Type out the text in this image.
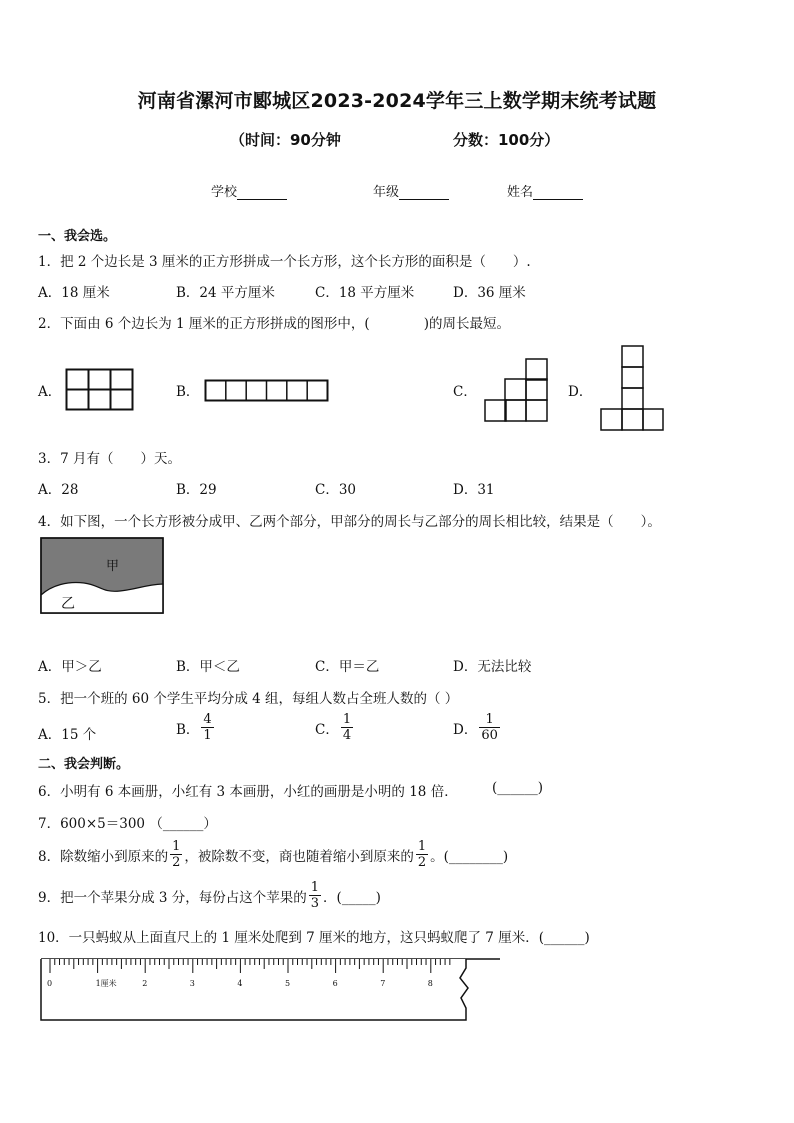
河南省漯河市郾城区2023-2024学年三上数学期末统考试题
（时间：90分钟	分数：100分）
学校	年级	姓名
一、我会选。
1．把 2 个边长是 3 厘米的正方形拼成一个长方形，这个长方形的面积是（　　）.
A．18 厘米	B．24 平方厘米	C．18 平方厘米	D．36 厘米
2．下面由 6 个边长为 1 厘米的正方形拼成的图形中，(　　　　)的周长最短。
A．	B．	C．	D．
3．7 月有（　　）天。
A．28	B．29	C．30	D．31
4．如下图，一个长方形被分成甲、乙两个部分，甲部分的周长与乙部分的周长相比较，结果是（　　）。
甲
乙
A．甲＞乙	B．甲＜乙	C．甲＝乙	D．无法比较
5．把一个班的 60 个学生平均分成 4 组，每组人数占全班人数的（ ）
A．15 个	B． $\frac{4}{1}$	C． $\frac{1}{4}$	D． $\frac{1}{60}$
二、我会判断。
6．小明有 6 本画册，小红有 3 本画册，小红的画册是小明的 18 倍．	(______)
7．600×5＝300 （______）
8．除数缩小到原来的 $\frac{1}{2}$ ，被除数不变，商也随着缩小到原来的 $\frac{1}{2}$ 。(________)
9．把一个苹果分成 3 分，每份占这个苹果的 $\frac{1}{3}$ ．(_____)
10．一只蚂蚁从上面直尺上的 1 厘米处爬到 7 厘米的地方，这只蚂蚁爬了 7 厘米．(______)
0	1厘米	2	3	4	5	6	7	8
